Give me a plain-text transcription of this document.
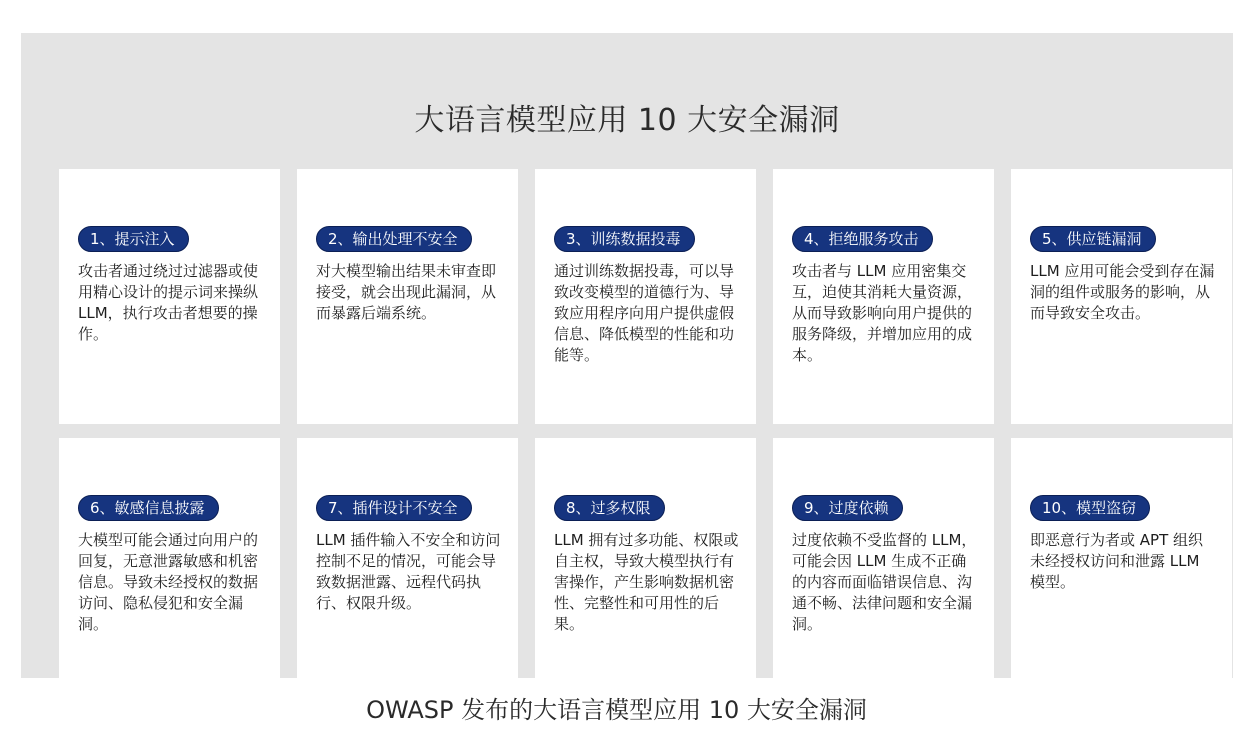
大语言模型应用 10 大安全漏洞
1、提示注入
攻击者通过绕过过滤器或使用精心设计的提示词来操纵 LLM，执行攻击者想要的操作。
2、输出处理不安全
对大模型输出结果未审查即接受，就会出现此漏洞，从而暴露后端系统。
3、训练数据投毒
通过训练数据投毒，可以导致改变模型的道德行为、导致应用程序向用户提供虚假信息、降低模型的性能和功能等。
4、拒绝服务攻击
攻击者与 LLM 应用密集交互，迫使其消耗大量资源，从而导致影响向用户提供的服务降级，并增加应用的成本。
5、供应链漏洞
LLM 应用可能会受到存在漏洞的组件或服务的影响，从而导致安全攻击。
6、敏感信息披露
大模型可能会通过向用户的回复，无意泄露敏感和机密信息。导致未经授权的数据访问、隐私侵犯和安全漏洞。
7、插件设计不安全
LLM 插件输入不安全和访问控制不足的情况，可能会导致数据泄露、远程代码执行、权限升级。
8、过多权限
LLM 拥有过多功能、权限或自主权，导致大模型执行有害操作，产生影响数据机密性、完整性和可用性的后果。
9、过度依赖
过度依赖不受监督的 LLM，可能会因 LLM 生成不正确的内容而面临错误信息、沟通不畅、法律问题和安全漏洞。
10、模型盗窃
即恶意行为者或 APT 组织未经授权访问和泄露 LLM 模型。
OWASP 发布的大语言模型应用 10 大安全漏洞
